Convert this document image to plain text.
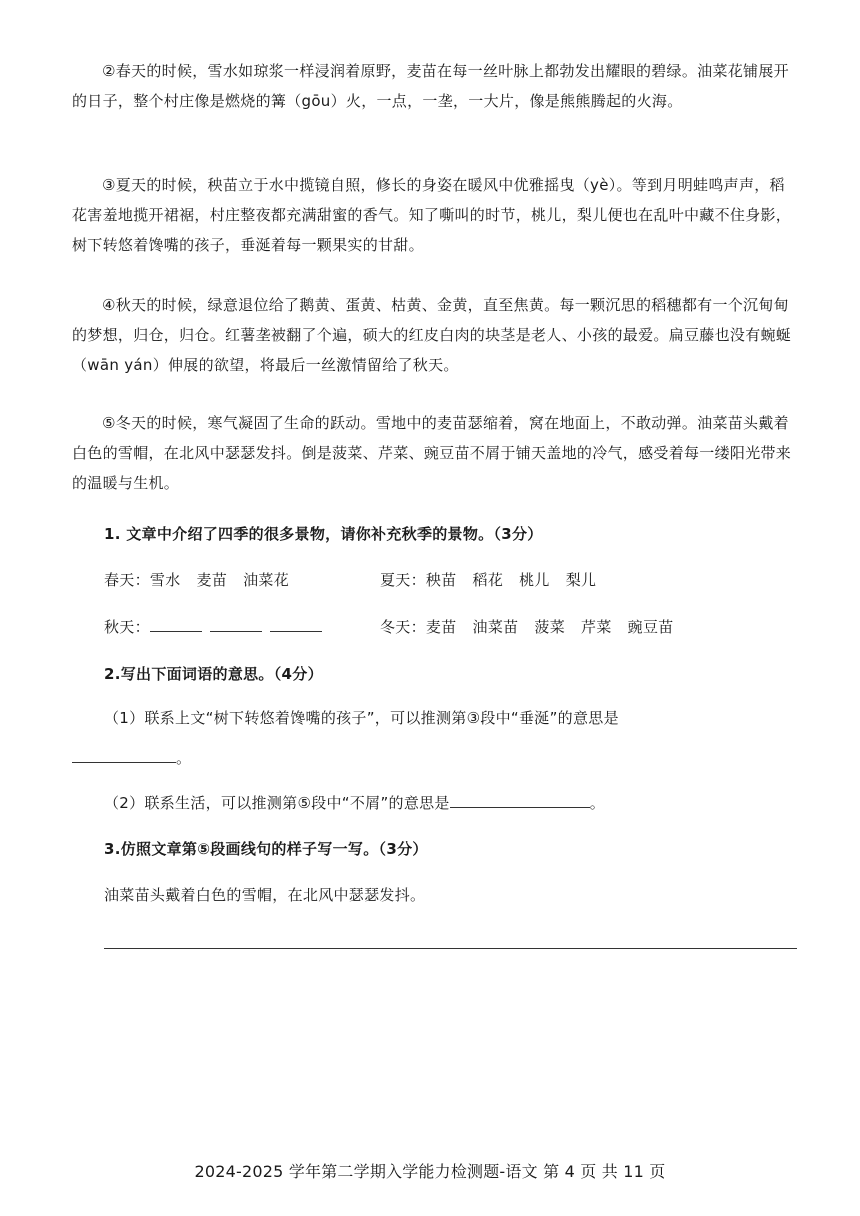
②春天的时候，雪水如琼浆一样浸润着原野，麦苗在每一丝叶脉上都勃发出耀眼的碧绿。油菜花铺展开的日子，整个村庄像是燃烧的篝（gōu）火，一点，一垄，一大片，像是熊熊腾起的火海。

③夏天的时候，秧苗立于水中揽镜自照，修长的身姿在暖风中优雅摇曳（yè）。等到月明蛙鸣声声，稻花害羞地揽开裙裾，村庄整夜都充满甜蜜的香气。知了嘶叫的时节，桃儿，梨儿便也在乱叶中藏不住身影，树下转悠着馋嘴的孩子，垂涎着每一颗果实的甘甜。

④秋天的时候，绿意退位给了鹅黄、蛋黄、枯黄、金黄，直至焦黄。每一颗沉思的稻穗都有一个沉甸甸的梦想，归仓，归仓。红薯垄被翻了个遍，硕大的红皮白肉的块茎是老人、小孩的最爱。扁豆藤也没有蜿蜒（wān yán）伸展的欲望，将最后一丝激情留给了秋天。

⑤冬天的时候，寒气凝固了生命的跃动。雪地中的麦苗瑟缩着，窝在地面上，不敢动弹。油菜苗头戴着白色的雪帽，在北风中瑟瑟发抖。倒是菠菜、芹菜、豌豆苗不屑于铺天盖地的冷气，感受着每一缕阳光带来的温暖与生机。

1. 文章中介绍了四季的很多景物，请你补充秋季的景物。（3分）

春天：雪水 麦苗 油菜花	夏天：秧苗 稻花 桃儿 梨儿

秋天：	冬天：麦苗 油菜苗 菠菜 芹菜 豌豆苗

2.写出下面词语的意思。（4分）

（1）联系上文“树下转悠着馋嘴的孩子”，可以推测第③段中“垂涎”的意思是

。

（2）联系生活，可以推测第⑤段中“不屑”的意思是	。

3.仿照文章第⑤段画线句的样子写一写。（3分）

油菜苗头戴着白色的雪帽，在北风中瑟瑟发抖。

2024-2025 学年第二学期入学能力检测题-语文 第 4 页 共 11 页
